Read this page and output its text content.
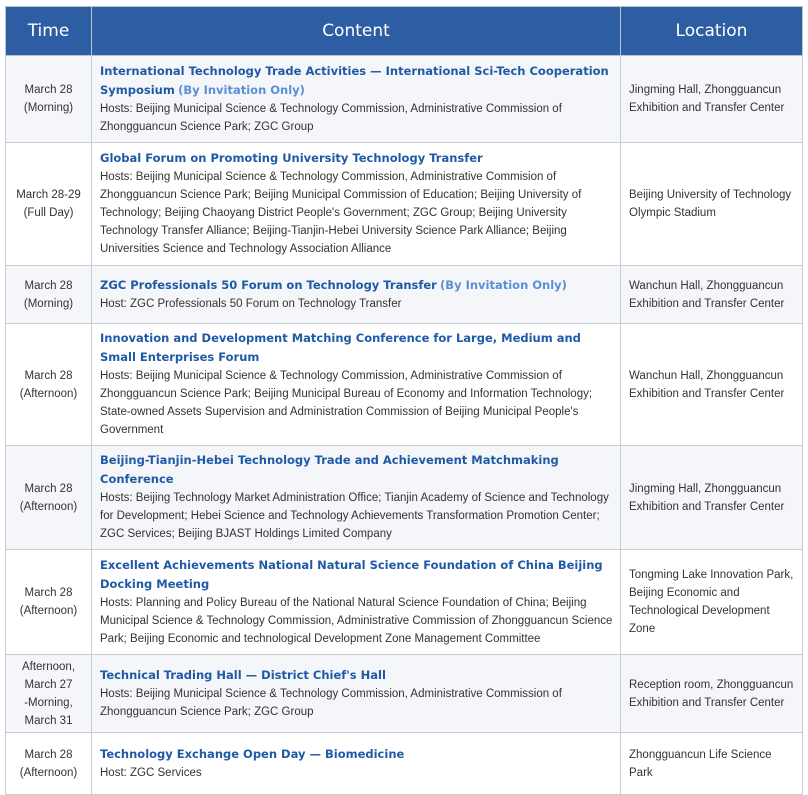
Time	Content	Location

March 28
(Morning)	International Technology Trade Activities — International Sci-Tech Cooperation Symposium (By Invitation Only)
Hosts: Beijing Municipal Science & Technology Commission, Administrative Commission of Zhongguancun Science Park; ZGC Group	Jingming Hall, Zhongguancun Exhibition and Transfer Center

March 28-29
(Full Day)	Global Forum on Promoting University Technology Transfer
Hosts: Beijing Municipal Science & Technology Commission, Administrative Commision of Zhongguancun Science Park; Beijing Municipal Commission of Education; Beijing University of Technology; Beijing Chaoyang District People's Government; ZGC Group; Beijing University Technology Transfer Alliance; Beijing-Tianjin-Hebei University Science Park Alliance; Beijing Universities Science and Technology Association Alliance	Beijing University of Technology Olympic Stadium

March 28
(Morning)	ZGC Professionals 50 Forum on Technology Transfer (By Invitation Only)
Host: ZGC Professionals 50 Forum on Technology Transfer	Wanchun Hall, Zhongguancun Exhibition and Transfer Center

March 28
(Afternoon)	Innovation and Development Matching Conference for Large, Medium and Small Enterprises Forum
Hosts: Beijing Municipal Science & Technology Commission, Administrative Commission of Zhongguancun Science Park; Beijing Municipal Bureau of Economy and Information Technology; State-owned Assets Supervision and Administration Commission of Beijing Municipal People's Government	Wanchun Hall, Zhongguancun Exhibition and Transfer Center

March 28
(Afternoon)	Beijing-Tianjin-Hebei Technology Trade and Achievement Matchmaking Conference
Hosts: Beijing Technology Market Administration Office; Tianjin Academy of Science and Technology for Development; Hebei Science and Technology Achievements Transformation Promotion Center; ZGC Services; Beijing BJAST Holdings Limited Company	Jingming Hall, Zhongguancun Exhibition and Transfer Center

March 28
(Afternoon)	Excellent Achievements National Natural Science Foundation of China Beijing Docking Meeting
Hosts: Planning and Policy Bureau of the National Natural Science Foundation of China; Beijing Municipal Science & Technology Commission, Administrative Commission of Zhongguancun Science Park; Beijing Economic and technological Development Zone Management Committee	Tongming Lake Innovation Park, Beijing Economic and Technological Development Zone

Afternoon,
March 27
-Morning,
March 31	Technical Trading Hall — District Chief's Hall
Hosts: Beijing Municipal Science & Technology Commission, Administrative Commission of Zhongguancun Science Park; ZGC Group	Reception room, Zhongguancun Exhibition and Transfer Center

March 28
(Afternoon)	Technology Exchange Open Day — Biomedicine
Host: ZGC Services	Zhongguancun Life Science Park
